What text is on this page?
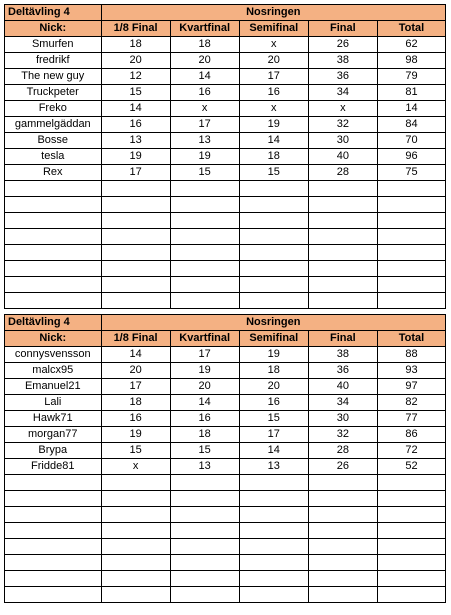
Deltävling 4	Nosringen				
Nick:	1/8 Final	Kvartfinal	Semifinal	Final	Total
Smurfen	18	18	x	26	62
fredrikf	20	20	20	38	98
The new guy	12	14	17	36	79
Truckpeter	15	16	16	34	81
Freko	14	x	x	x	14
gammelgäddan	16	17	19	32	84
Bosse	13	13	14	30	70
tesla	19	19	18	40	96
Rex	17	15	15	28	75

Deltävling 4	Nosringen				
Nick:	1/8 Final	Kvartfinal	Semifinal	Final	Total
connysvensson	14	17	19	38	88
malcx95	20	19	18	36	93
Emanuel21	17	20	20	40	97
Lali	18	14	16	34	82
Hawk71	16	16	15	30	77
morgan77	19	18	17	32	86
Brypa	15	15	14	28	72
Fridde81	x	13	13	26	52
